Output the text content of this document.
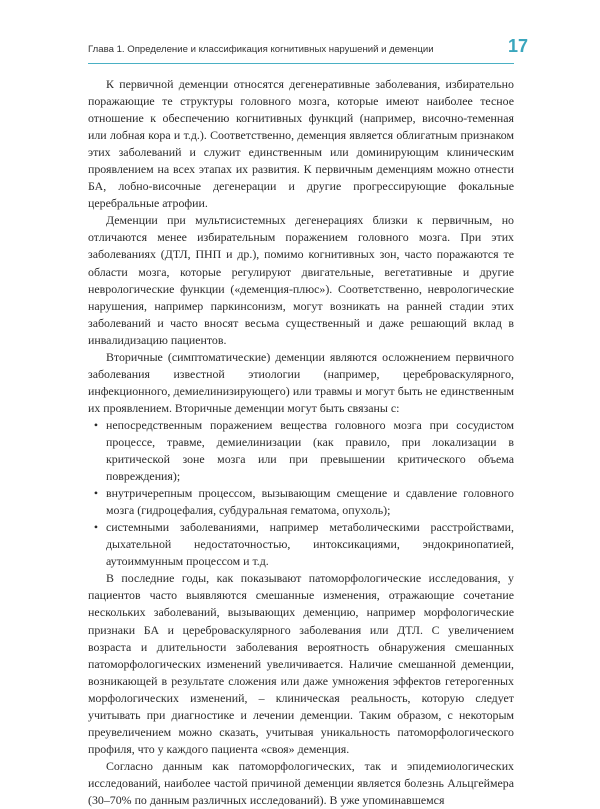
Глава 1. Определение и классификация когнитивных нарушений и деменции	17

К первичной деменции относятся дегенеративные заболевания, избирательно поражающие те структуры головного мозга, которые имеют наиболее тесное отношение к обеспечению когнитивных функций (например, височно-теменная или лобная кора и т.д.). Соответственно, деменция является облигатным признаком этих заболеваний и служит единственным или доминирующим клиническим проявлением на всех этапах их развития. К первичным деменциям можно отнести БА, лобно-височные дегенерации и другие прогрессирующие фокальные церебральные атрофии.

Деменции при мультисистемных дегенерациях близки к первичным, но отличаются менее избирательным поражением головного мозга. При этих заболеваниях (ДТЛ, ПНП и др.), помимо когнитивных зон, часто поражаются те области мозга, которые регулируют двигательные, вегетативные и другие неврологические функции («деменция-плюс»). Соответственно, неврологические нарушения, например паркинсонизм, могут возникать на ранней стадии этих заболеваний и часто вносят весьма существенный и даже решающий вклад в инвалидизацию пациентов.

Вторичные (симптоматические) деменции являются осложнением первичного заболевания известной этиологии (например, цереброваскулярного, инфекционного, демиелинизирующего) или травмы и могут быть не единственным их проявлением. Вторичные деменции могут быть связаны с:

• непосредственным поражением вещества головного мозга при сосудистом процессе, травме, демиелинизации (как правило, при локализации в критической зоне мозга или при превышении критического объема повреждения);
• внутричерепным процессом, вызывающим смещение и сдавление головного мозга (гидроцефалия, субдуральная гематома, опухоль);
• системными заболеваниями, например метаболическими расстройствами, дыхательной недостаточностью, интоксикациями, эндокринопатией, аутоиммунным процессом и т.д.

В последние годы, как показывают патоморфологические исследования, у пациентов часто выявляются смешанные изменения, отражающие сочетание нескольких заболеваний, вызывающих деменцию, например морфологические признаки БА и цереброваскулярного заболевания или ДТЛ. С увеличением возраста и длительности заболевания вероятность обнаружения смешанных патоморфологических изменений увеличивается. Наличие смешанной деменции, возникающей в результате сложения или даже умножения эффектов гетерогенных морфологических изменений, – клиническая реальность, которую следует учитывать при диагностике и лечении деменции. Таким образом, с некоторым преувеличением можно сказать, учитывая уникальность патоморфологического профиля, что у каждого пациента «своя» деменция.

Согласно данным как патоморфологических, так и эпидемиологических исследований, наиболее частой причиной деменции является болезнь Альцгеймера (30–70% по данным различных исследований). В уже упоминавшемся
